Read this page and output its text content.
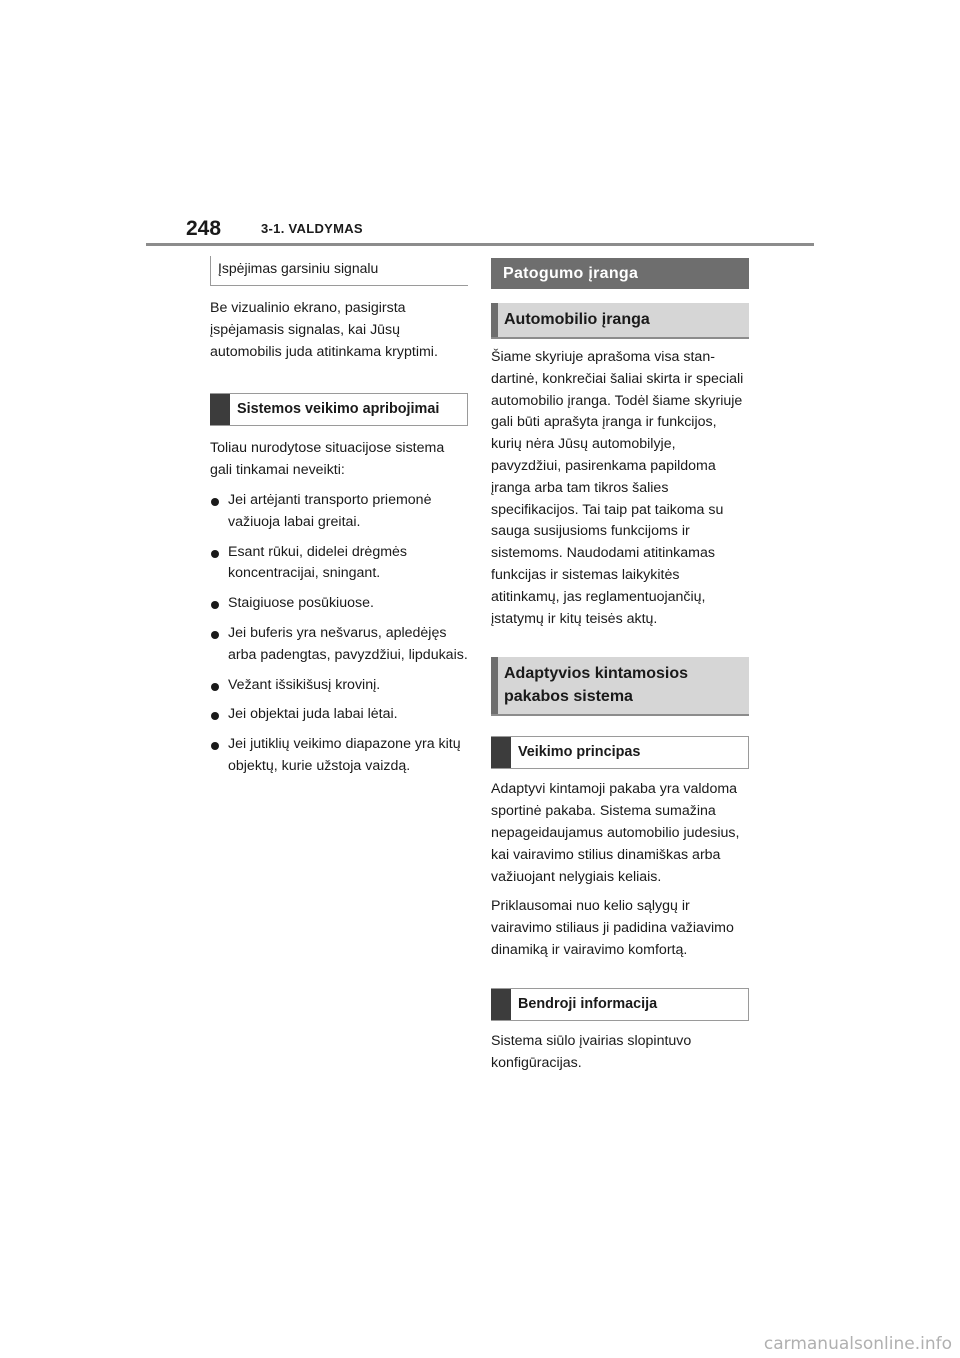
248	3-1. VALDYMAS
Įspėjimas garsiniu signalu

Be vizualinio ekrano, pasigirsta įspėjamasis signalas, kai Jūsų automobilis juda atitinkama kryptimi.

Sistemos veikimo apribojimai

Toliau nurodytose situacijose sistema gali tinkamai neveikti:

Jei artėjanti transporto priemonė važiuoja labai greitai.
Esant rūkui, didelei drėgmės koncentracijai, sningant.
Staigiuose posūkiuose.
Jei buferis yra nešvarus, apledėjęs arba padengtas, pavyzdžiui, lipdukais.
Vežant išsikišusį krovinį.
Jei objektai juda labai lėtai.
Jei jutiklių veikimo diapazone yra kitų objektų, kurie užstoja vaizdą.
Patogumo įranga
Automobilio įranga

Šiame skyriuje aprašoma visa standartinė, konkrečiai šaliai skirta ir speciali automobilio įranga. Todėl šiame skyriuje gali būti aprašyta įranga ir funkcijos, kurių nėra Jūsų automobilyje, pavyzdžiui, pasirenkama papildoma įranga arba tam tikros šalies specifikacijos. Tai taip pat taikoma su sauga susijusioms funkcijoms ir sistemoms. Naudodami atitinkamas funkcijas ir sistemas laikykitės atitinkamų, jas reglamentuojančių, įstatymų ir kitų teisės aktų.

Adaptyvios kintamosios pakabos sistema
Veikimo principas

Adaptyvi kintamoji pakaba yra valdoma sportinė pakaba. Sistema sumažina nepageidaujamus automobilio judesius, kai vairavimo stilius dinamiškas arba važiuojant nelygiais keliais.

Priklausomai nuo kelio sąlygų ir vairavimo stiliaus ji padidina važiavimo dinamiką ir vairavimo komfortą.

Bendroji informacija

Sistema siūlo įvairias slopintuvo konfigūracijas.

carmanualsonline.info
